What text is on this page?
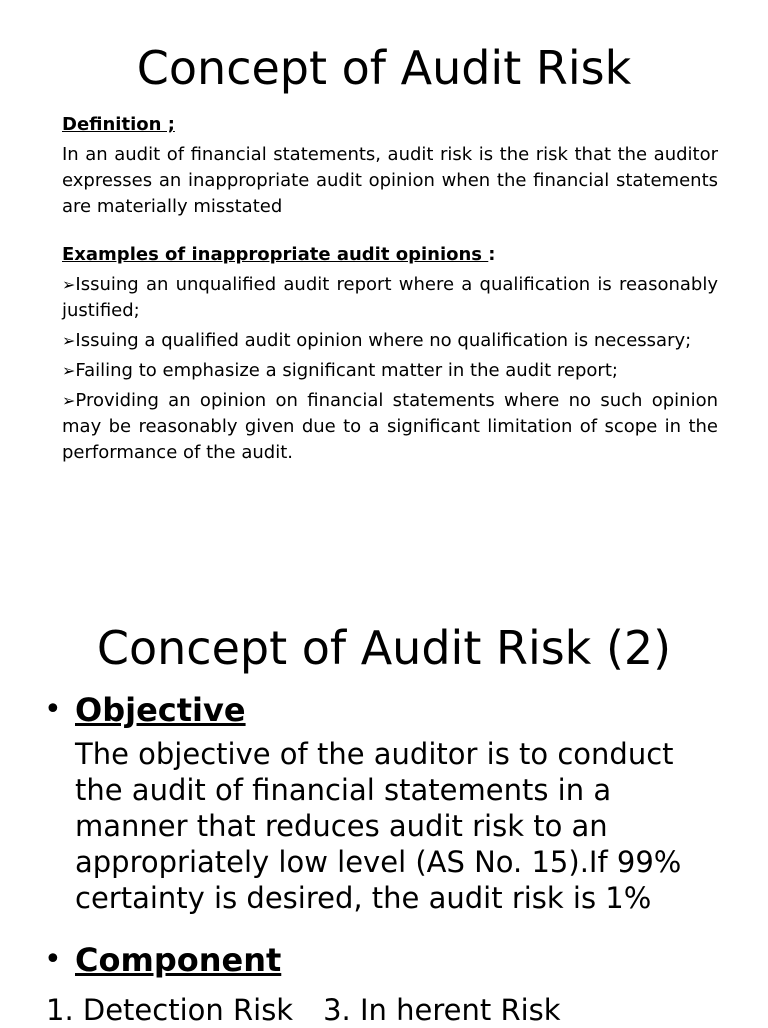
Concept of Audit Risk

Definition ;

In an audit of financial statements, audit risk is the risk that the auditor expresses an inappropriate audit opinion when the financial statements are materially misstated

Examples of inappropriate audit opinions :

➢Issuing an unqualified audit report where a qualification is reasonably justified;
➢Issuing a qualified audit opinion where no qualification is necessary;
➢Failing to emphasize a significant matter in the audit report;
➢Providing an opinion on financial statements where no such opinion may be reasonably given due to a significant limitation of scope in the performance of the audit.
Concept of Audit Risk (2)
• Objective
The objective of the auditor is to conduct the audit of financial statements in a manner that reduces audit risk to an appropriately low level (AS No. 15).If 99% certainty is desired, the audit risk is 1%
• Component
1. Detection Risk 3. In herent Risk
